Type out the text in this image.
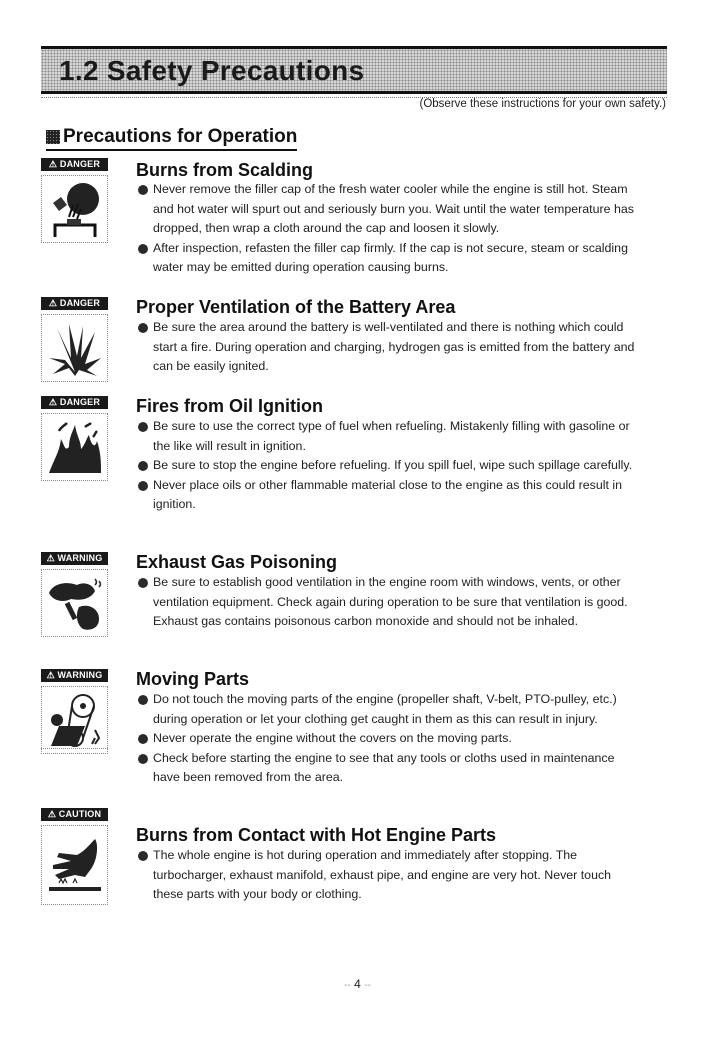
1.2 Safety Precautions
(Observe these instructions for your own safety.)
Precautions for Operation
⚠ DANGER	Burns from Scalding
Never remove the filler cap of the fresh water cooler while the engine is still hot. Steam and hot water will spurt out and seriously burn you. Wait until the water temperature has dropped, then wrap a cloth around the cap and loosen it slowly.
After inspection, refasten the filler cap firmly. If the cap is not secure, steam or scalding water may be emitted during operation causing burns.
⚠ DANGER	Proper Ventilation of the Battery Area
Be sure the area around the battery is well-ventilated and there is nothing which could start a fire. During operation and charging, hydrogen gas is emitted from the battery and can be easily ignited.
⚠ DANGER	Fires from Oil Ignition
Be sure to use the correct type of fuel when refueling. Mistakenly filling with gasoline or the like will result in ignition.
Be sure to stop the engine before refueling. If you spill fuel, wipe such spillage carefully.
Never place oils or other flammable material close to the engine as this could result in ignition.
⚠ WARNING	Exhaust Gas Poisoning
Be sure to establish good ventilation in the engine room with windows, vents, or other ventilation equipment. Check again during operation to be sure that ventilation is good. Exhaust gas contains poisonous carbon monoxide and should not be inhaled.
⚠ WARNING	Moving Parts
Do not touch the moving parts of the engine (propeller shaft, V-belt, PTO-pulley, etc.) during operation or let your clothing get caught in them as this can result in injury.
Never operate the engine without the covers on the moving parts.
Check before starting the engine to see that any tools or cloths used in maintenance have been removed from the area.
⚠ CAUTION
Burns from Contact with Hot Engine Parts
The whole engine is hot during operation and immediately after stopping. The turbocharger, exhaust manifold, exhaust pipe, and engine are very hot. Never touch these parts with your body or clothing.
-- 4 --
